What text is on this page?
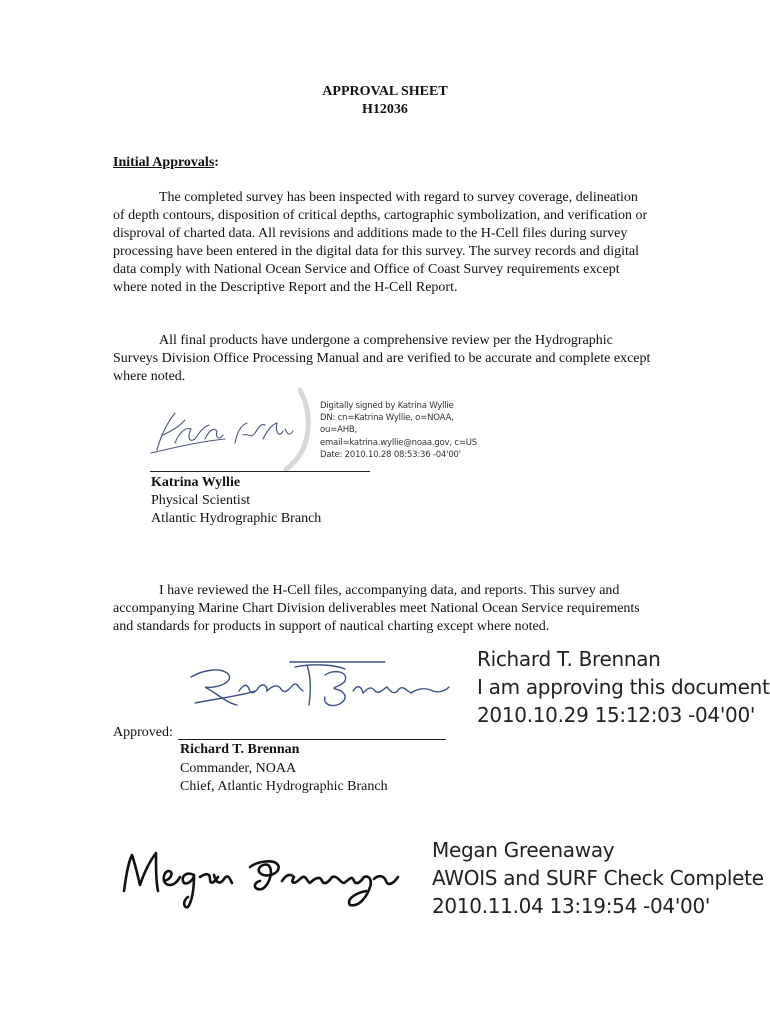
APPROVAL SHEET
H12036
Initial Approvals:
The completed survey has been inspected with regard to survey coverage, delineation of depth contours, disposition of critical depths, cartographic symbolization, and verification or disproval of charted data. All revisions and additions made to the H-Cell files during survey processing have been entered in the digital data for this survey. The survey records and digital data comply with National Ocean Service and Office of Coast Survey requirements except where noted in the Descriptive Report and the H-Cell Report.
All final products have undergone a comprehensive review per the Hydrographic Surveys Division Office Processing Manual and are verified to be accurate and complete except where noted.
Digitally signed by Katrina Wyllie
DN: cn=Katrina Wyllie, o=NOAA,
ou=AHB,
email=katrina.wyllie@noaa.gov, c=US
Date: 2010.10.28 08:53:36 -04'00'
Katrina Wyllie
Physical Scientist
Atlantic Hydrographic Branch
I have reviewed the H-Cell files, accompanying data, and reports. This survey and accompanying Marine Chart Division deliverables meet National Ocean Service requirements and standards for products in support of nautical charting except where noted.
Richard T. Brennan
I am approving this document
2010.10.29 15:12:03 -04'00'
Approved:
Richard T. Brennan
Commander, NOAA
Chief, Atlantic Hydrographic Branch
Megan Greenaway
AWOIS and SURF Check Complete
2010.11.04 13:19:54 -04'00'
